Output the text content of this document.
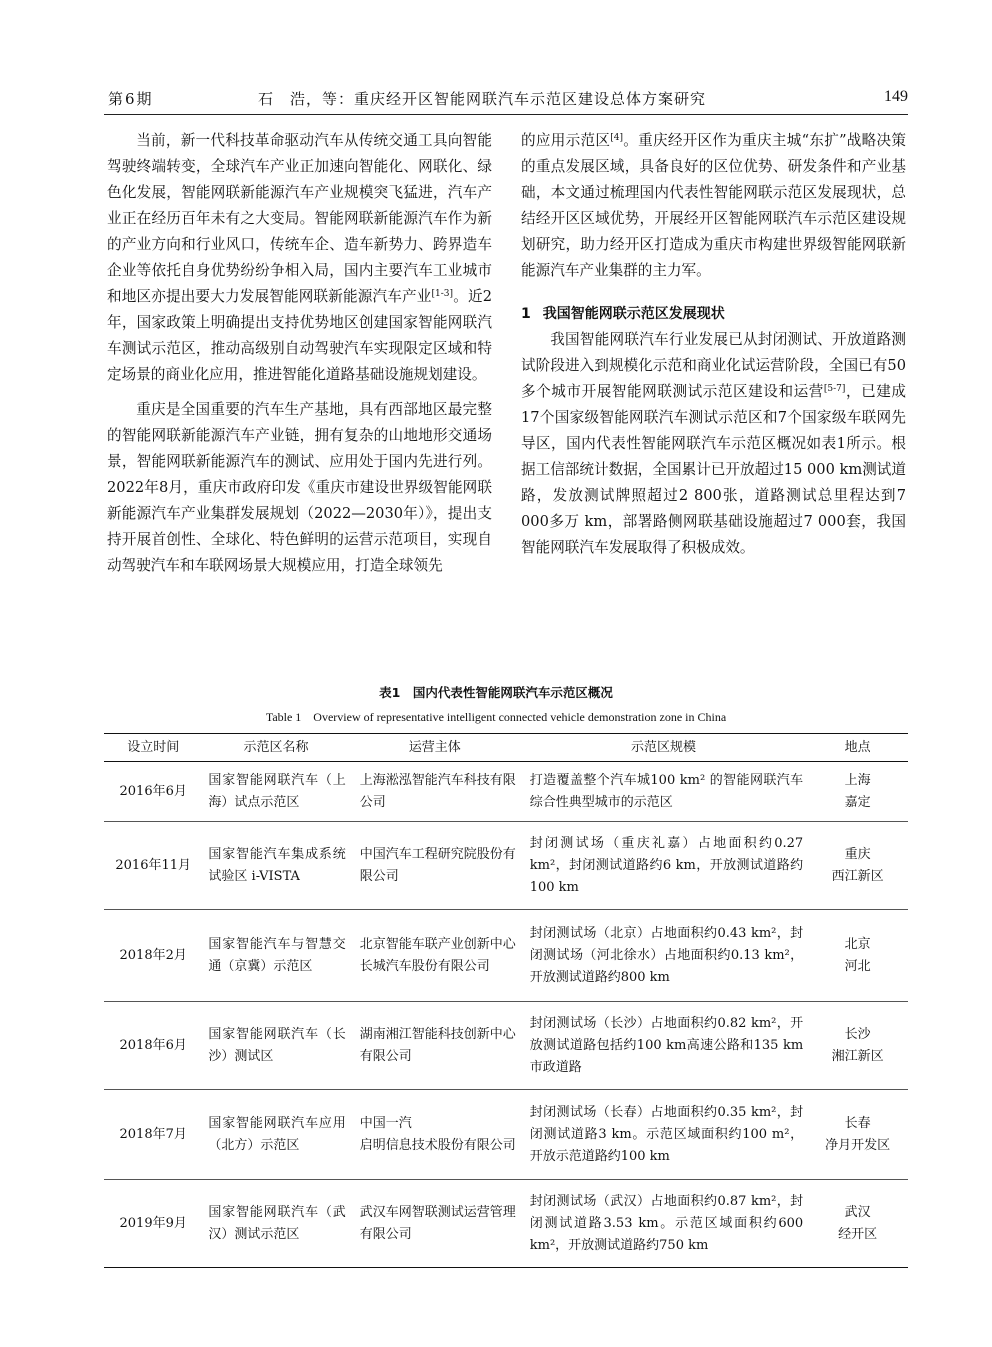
第6期	石　浩，等：重庆经开区智能网联汽车示范区建设总体方案研究	149

当前，新一代科技革命驱动汽车从传统交通工具向智能驾驶终端转变，全球汽车产业正加速向智能化、网联化、绿色化发展，智能网联新能源汽车产业规模突飞猛进，汽车产业正在经历百年未有之大变局。智能网联新能源汽车作为新的产业方向和行业风口，传统车企、造车新势力、跨界造车企业等依托自身优势纷纷争相入局，国内主要汽车工业城市和地区亦提出要大力发展智能网联新能源汽车产业[1-3]。近2年，国家政策上明确提出支持优势地区创建国家智能网联汽车测试示范区，推动高级别自动驾驶汽车实现限定区域和特定场景的商业化应用，推进智能化道路基础设施规划建设。

重庆是全国重要的汽车生产基地，具有西部地区最完整的智能网联新能源汽车产业链，拥有复杂的山地地形交通场景，智能网联新能源汽车的测试、应用处于国内先进行列。2022年8月，重庆市政府印发《重庆市建设世界级智能网联新能源汽车产业集群发展规划（2022—2030年）》，提出支持开展首创性、全球化、特色鲜明的运营示范项目，实现自动驾驶汽车和车联网场景大规模应用，打造全球领先

的应用示范区[4]。重庆经开区作为重庆主城“东扩”战略决策的重点发展区域，具备良好的区位优势、研发条件和产业基础，本文通过梳理国内代表性智能网联示范区发展现状，总结经开区区域优势，开展经开区智能网联汽车示范区建设规划研究，助力经开区打造成为重庆市构建世界级智能网联新能源汽车产业集群的主力军。

1 我国智能网联示范区发展现状

我国智能网联汽车行业发展已从封闭测试、开放道路测试阶段进入到规模化示范和商业化试运营阶段，全国已有50多个城市开展智能网联测试示范区建设和运营[5-7]，已建成17个国家级智能网联汽车测试示范区和7个国家级车联网先导区，国内代表性智能网联汽车示范区概况如表1所示。根据工信部统计数据，全国累计已开放超过15 000 km测试道路，发放测试牌照超过2 800张，道路测试总里程达到7 000多万 km，部署路侧网联基础设施超过7 000套，我国智能网联汽车发展取得了积极成效。

表1　国内代表性智能网联汽车示范区概况
Table 1　Overview of representative intelligent connected vehicle demonstration zone in China
设立时间	示范区名称	运营主体	示范区规模	地点
2016年6月	国家智能网联汽车（上海）试点示范区	上海淞泓智能汽车科技有限公司	打造覆盖整个汽车城100 km² 的智能网联汽车综合性典型城市的示范区	上海
嘉定
2016年11月	国家智能汽车集成系统试验区 i-VISTA	中国汽车工程研究院股份有限公司	封闭测试场（重庆礼嘉）占地面积约0.27 km²，封闭测试道路约6 km，开放测试道路约100 km	重庆
西江新区
2018年2月	国家智能汽车与智慧交通（京冀）示范区	北京智能车联产业创新中心
长城汽车股份有限公司	封闭测试场（北京）占地面积约0.43 km²，封闭测试场（河北徐水）占地面积约0.13 km²，开放测试道路约800 km	北京
河北
2018年6月	国家智能网联汽车（长沙）测试区	湖南湘江智能科技创新中心有限公司	封闭测试场（长沙）占地面积约0.82 km²，开放测试道路包括约100 km高速公路和135 km市政道路	长沙
湘江新区
2018年7月	国家智能网联汽车应用（北方）示范区	中国一汽
启明信息技术股份有限公司	封闭测试场（长春）占地面积约0.35 km²，封闭测试道路3 km。示范区域面积约100 m²，开放示范道路约100 km	长春
净月开发区
2019年9月	国家智能网联汽车（武汉）测试示范区	武汉车网智联测试运营管理有限公司	封闭测试场（武汉）占地面积约0.87 km²，封闭测试道路3.53 km。示范区域面积约600 km²，开放测试道路约750 km	武汉
经开区
